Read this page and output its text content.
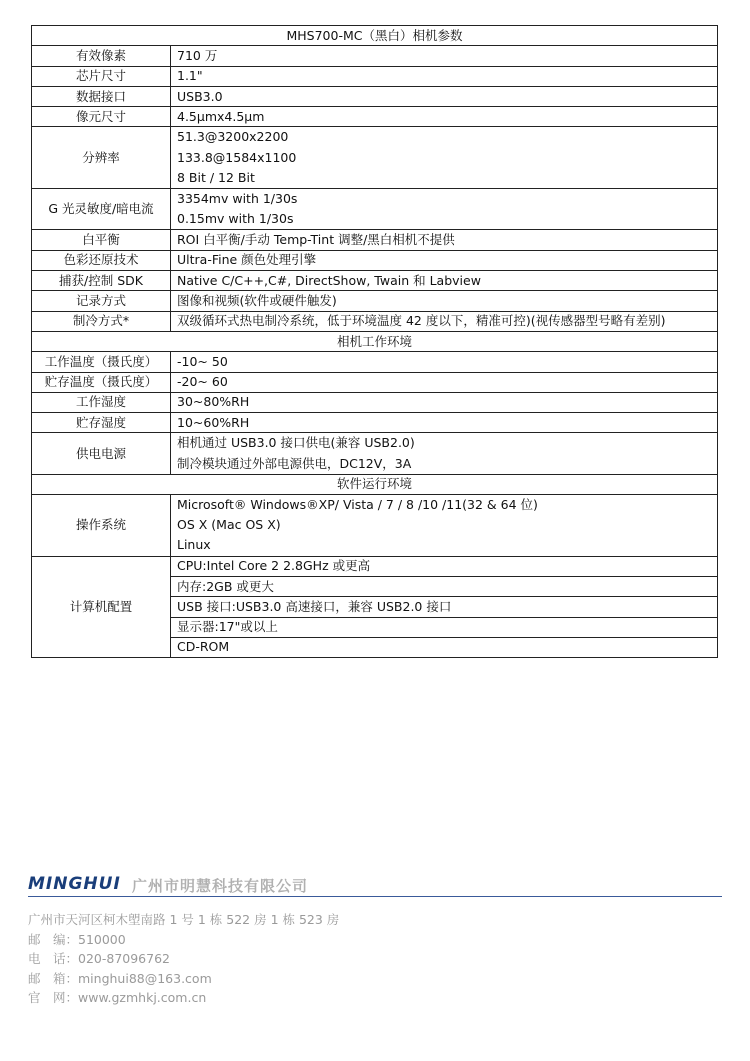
MHS700-MC（黑白）相机参数	
有效像素	710 万
芯片尺寸	1.1"
数据接口	USB3.0
像元尺寸	4.5μmx4.5μm
分辨率	51.3@3200x2200
133.8@1584x1100
8 Bit / 12 Bit

G 光灵敏度/暗电流	3354mv with 1/30s
0.15mv with 1/30s

白平衡	ROI 白平衡/手动 Temp-Tint 调整/黑白相机不提供
色彩还原技术	Ultra-Fine 颜色处理引擎
捕获/控制 SDK	Native C/C++,C#, DirectShow, Twain 和 Labview
记录方式	图像和视频(软件或硬件触发)
制冷方式*	双级循环式热电制冷系统，低于环境温度 42 度以下，精准可控)(视传感器型号略有差别)
相机工作环境	
工作温度（摄氏度）	-10~ 50
贮存温度（摄氏度）	-20~ 60
工作湿度	30~80%RH
贮存湿度	10~60%RH
供电电源	相机通过 USB3.0 接口供电(兼容 USB2.0)
制冷模块通过外部电源供电，DC12V，3A

软件运行环境	
操作系统	Microsoft® Windows®XP/ Vista / 7 / 8 /10 /11(32 & 64 位)
OS X (Mac OS X)
Linux

计算机配置	CPU:Intel Core 2 2.8GHz 或更高
	内存:2GB 或更大
	USB 接口:USB3.0 高速接口，兼容 USB2.0 接口
	显示器:17"或以上
	CD-ROM
MINGHUI 广州市明慧科技有限公司
广州市天河区柯木塱南路 1 号 1 栋 522 房 1 栋 523 房
邮　编：510000
电　话：020-87096762
邮　箱：minghui88@163.com
官　网：www.gzmhkj.com.cn
